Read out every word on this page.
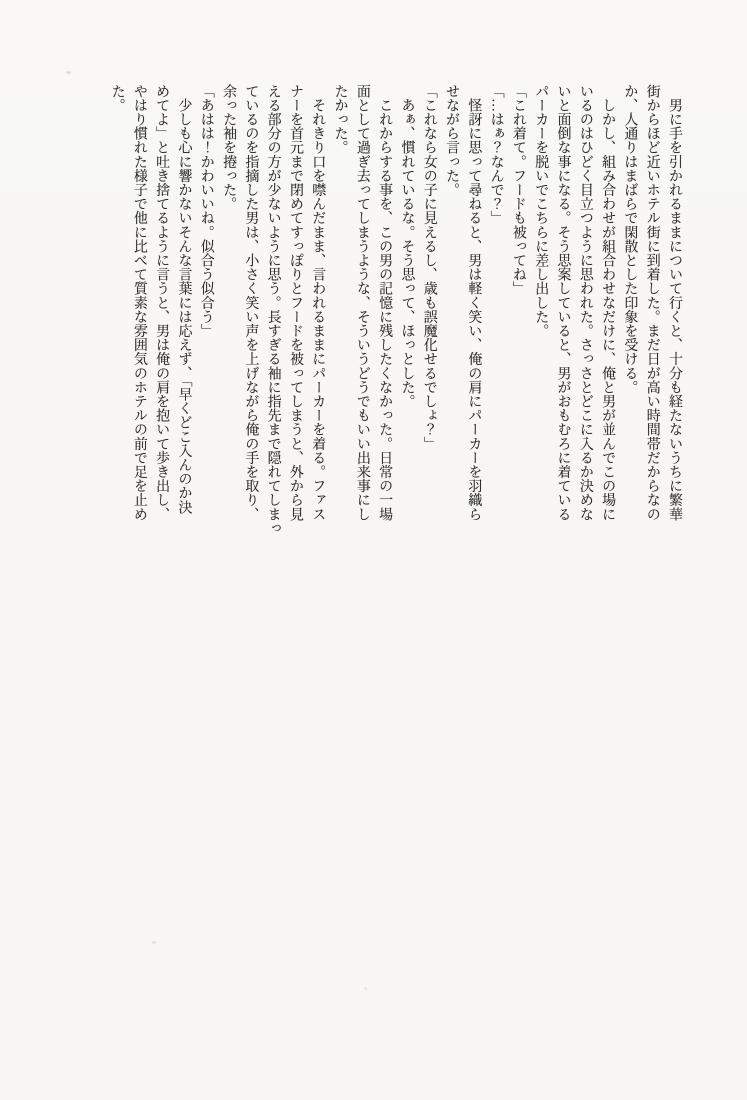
　男に手を引かれるままについて行くと、十分も経たないうちに繁華

街からほど近いホテル街に到着した。まだ日が高い時間帯だからなの

か、人通りはまばらで閑散とした印象を受ける。

　しかし、組み合わせが組合わせなだけに、俺と男が並んでこの場に

いるのはひどく目立つように思われた。さっさとどこに入るか決めな

いと面倒な事になる。そう思案していると、男がおもむろに着ている

パーカーを脱いでこちらに差し出した。

「これ着て。フードも被ってね」

「…はぁ？なんで？」

　怪訝に思って尋ねると、男は軽く笑い、俺の肩にパーカーを羽織ら

せながら言った。

「これなら女の子に見えるし、歳も誤魔化せるでしょ？」

　あぁ、慣れているな。そう思って、ほっとした。

　これからする事を、この男の記憶に残したくなかった。日常の一場

面として過ぎ去ってしまうような、そういうどうでもいい出来事にし

たかった。

　それきり口を噤んだまま、言われるままにパーカーを着る。ファス

ナーを首元まで閉めてすっぽりとフードを被ってしまうと、外から見

える部分の方が少ないように思う。長すぎる袖に指先まで隠れてしまっ

ているのを指摘した男は、小さく笑い声を上げながら俺の手を取り、

余った袖を捲った。

「あはは！かわいいね。似合う似合う」

　少しも心に響かないそんな言葉には応えず、「早くどこ入んのか決

めてよ」と吐き捨てるように言うと、男は俺の肩を抱いて歩き出し、

やはり慣れた様子で他に比べて質素な雰囲気のホテルの前で足を止め

た。
